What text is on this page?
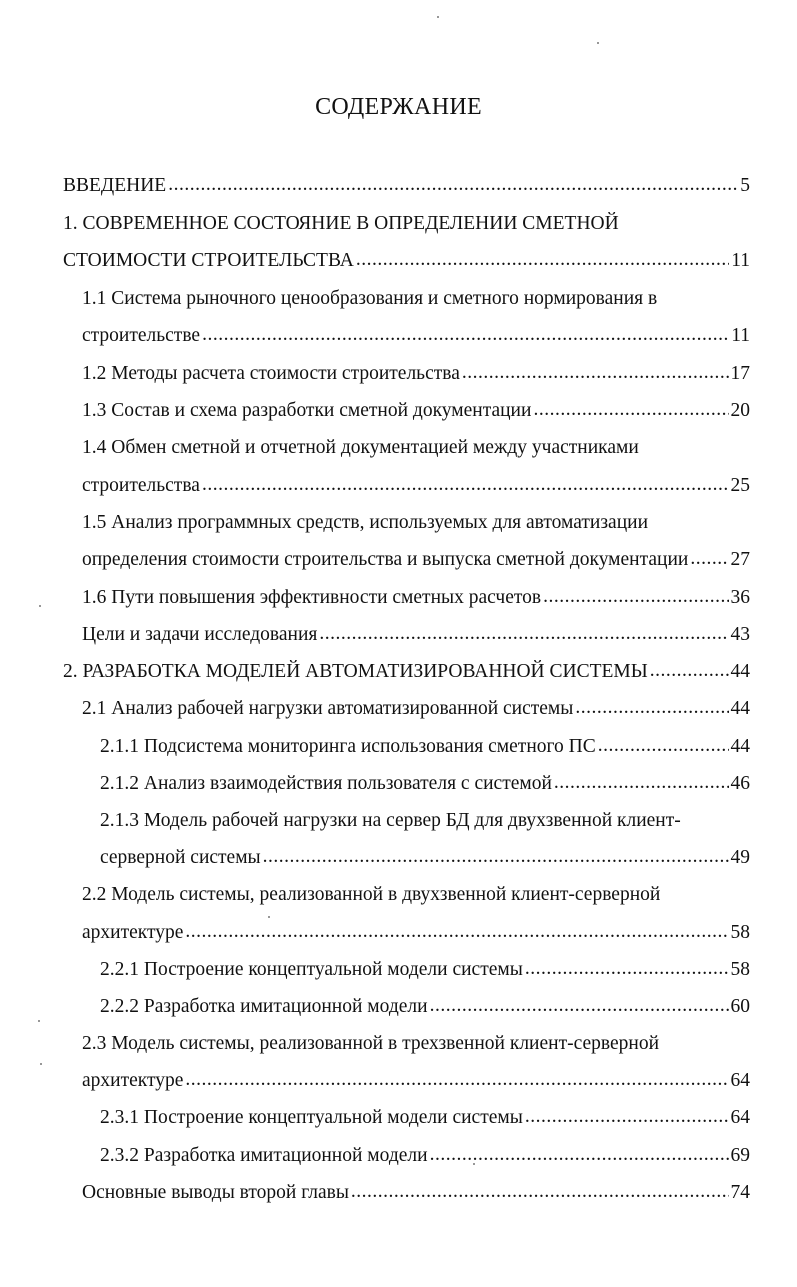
СОДЕРЖАНИЕ
ВВЕДЕНИЕ .....	5
1. СОВРЕМЕННОЕ СОСТОЯНИЕ В ОПРЕДЕЛЕНИИ СМЕТНОЙ
СТОИМОСТИ СТРОИТЕЛЬСТВА .....	11
1.1 Система рыночного ценообразования и сметного нормирования в
строительстве .....	11
1.2 Методы расчета стоимости строительства .....	17
1.3 Состав и схема разработки сметной документации .....	20
1.4 Обмен сметной и отчетной документацией между участниками
строительства .....	25
1.5 Анализ программных средств, используемых для автоматизации
определения стоимости строительства и выпуска сметной документации ..... 27
1.6 Пути повышения эффективности сметных расчетов .....	36
Цели и задачи исследования .....	43
2. РАЗРАБОТКА МОДЕЛЕЙ АВТОМАТИЗИРОВАННОЙ СИСТЕМЫ .....	44
2.1 Анализ рабочей нагрузки автоматизированной системы .....	44
2.1.1 Подсистема мониторинга использования сметного ПС .....	44
2.1.2 Анализ взаимодействия пользователя с системой .....	46
2.1.3 Модель рабочей нагрузки на сервер БД для двухзвенной клиент-
серверной системы .....	49
2.2 Модель системы, реализованной в двухзвенной клиент-серверной
архитектуре .....	58
2.2.1 Построение концептуальной модели системы .....	58
2.2.2 Разработка имитационной модели .....	60
2.3 Модель системы, реализованной в трехзвенной клиент-серверной
архитектуре .....	64
2.3.1 Построение концептуальной модели системы .....	64
2.3.2 Разработка имитационной модели .....	69
Основные выводы второй главы .....	74
